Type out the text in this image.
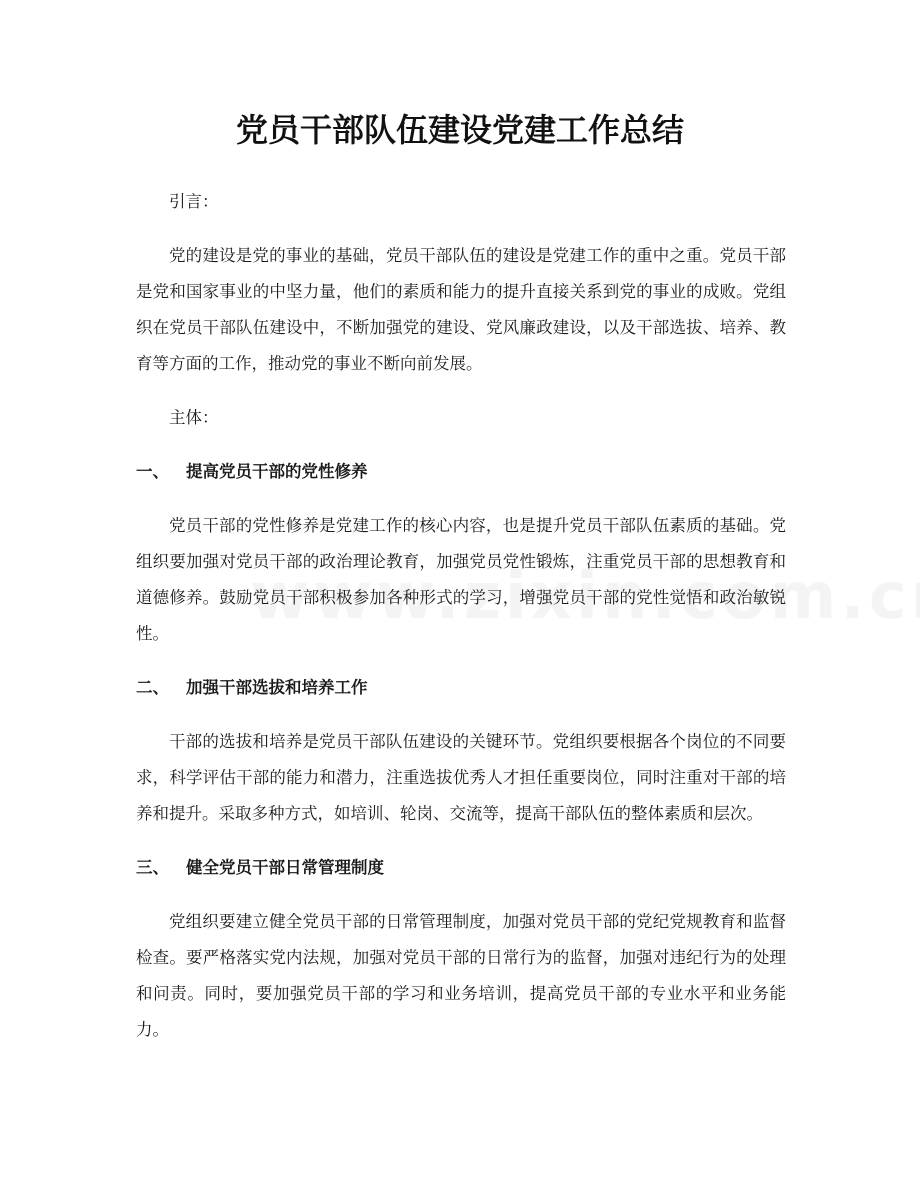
党员干部队伍建设党建工作总结

引言：

党的建设是党的事业的基础，党员干部队伍的建设是党建工作的重中之重。党员干部是党和国家事业的中坚力量，他们的素质和能力的提升直接关系到党的事业的成败。党组织在党员干部队伍建设中，不断加强党的建设、党风廉政建设，以及干部选拔、培养、教育等方面的工作，推动党的事业不断向前发展。

主体：

一、	提高党员干部的党性修养

党员干部的党性修养是党建工作的核心内容，也是提升党员干部队伍素质的基础。党组织要加强对党员干部的政治理论教育，加强党员党性锻炼，注重党员干部的思想教育和道德修养。鼓励党员干部积极参加各种形式的学习，增强党员干部的党性觉悟和政治敏锐性。

二、	加强干部选拔和培养工作

干部的选拔和培养是党员干部队伍建设的关键环节。党组织要根据各个岗位的不同要求，科学评估干部的能力和潜力，注重选拔优秀人才担任重要岗位，同时注重对干部的培养和提升。采取多种方式，如培训、轮岗、交流等，提高干部队伍的整体素质和层次。

三、	健全党员干部日常管理制度

党组织要建立健全党员干部的日常管理制度，加强对党员干部的党纪党规教育和监督检查。要严格落实党内法规，加强对党员干部的日常行为的监督，加强对违纪行为的处理和问责。同时，要加强党员干部的学习和业务培训，提高党员干部的专业水平和业务能力。
